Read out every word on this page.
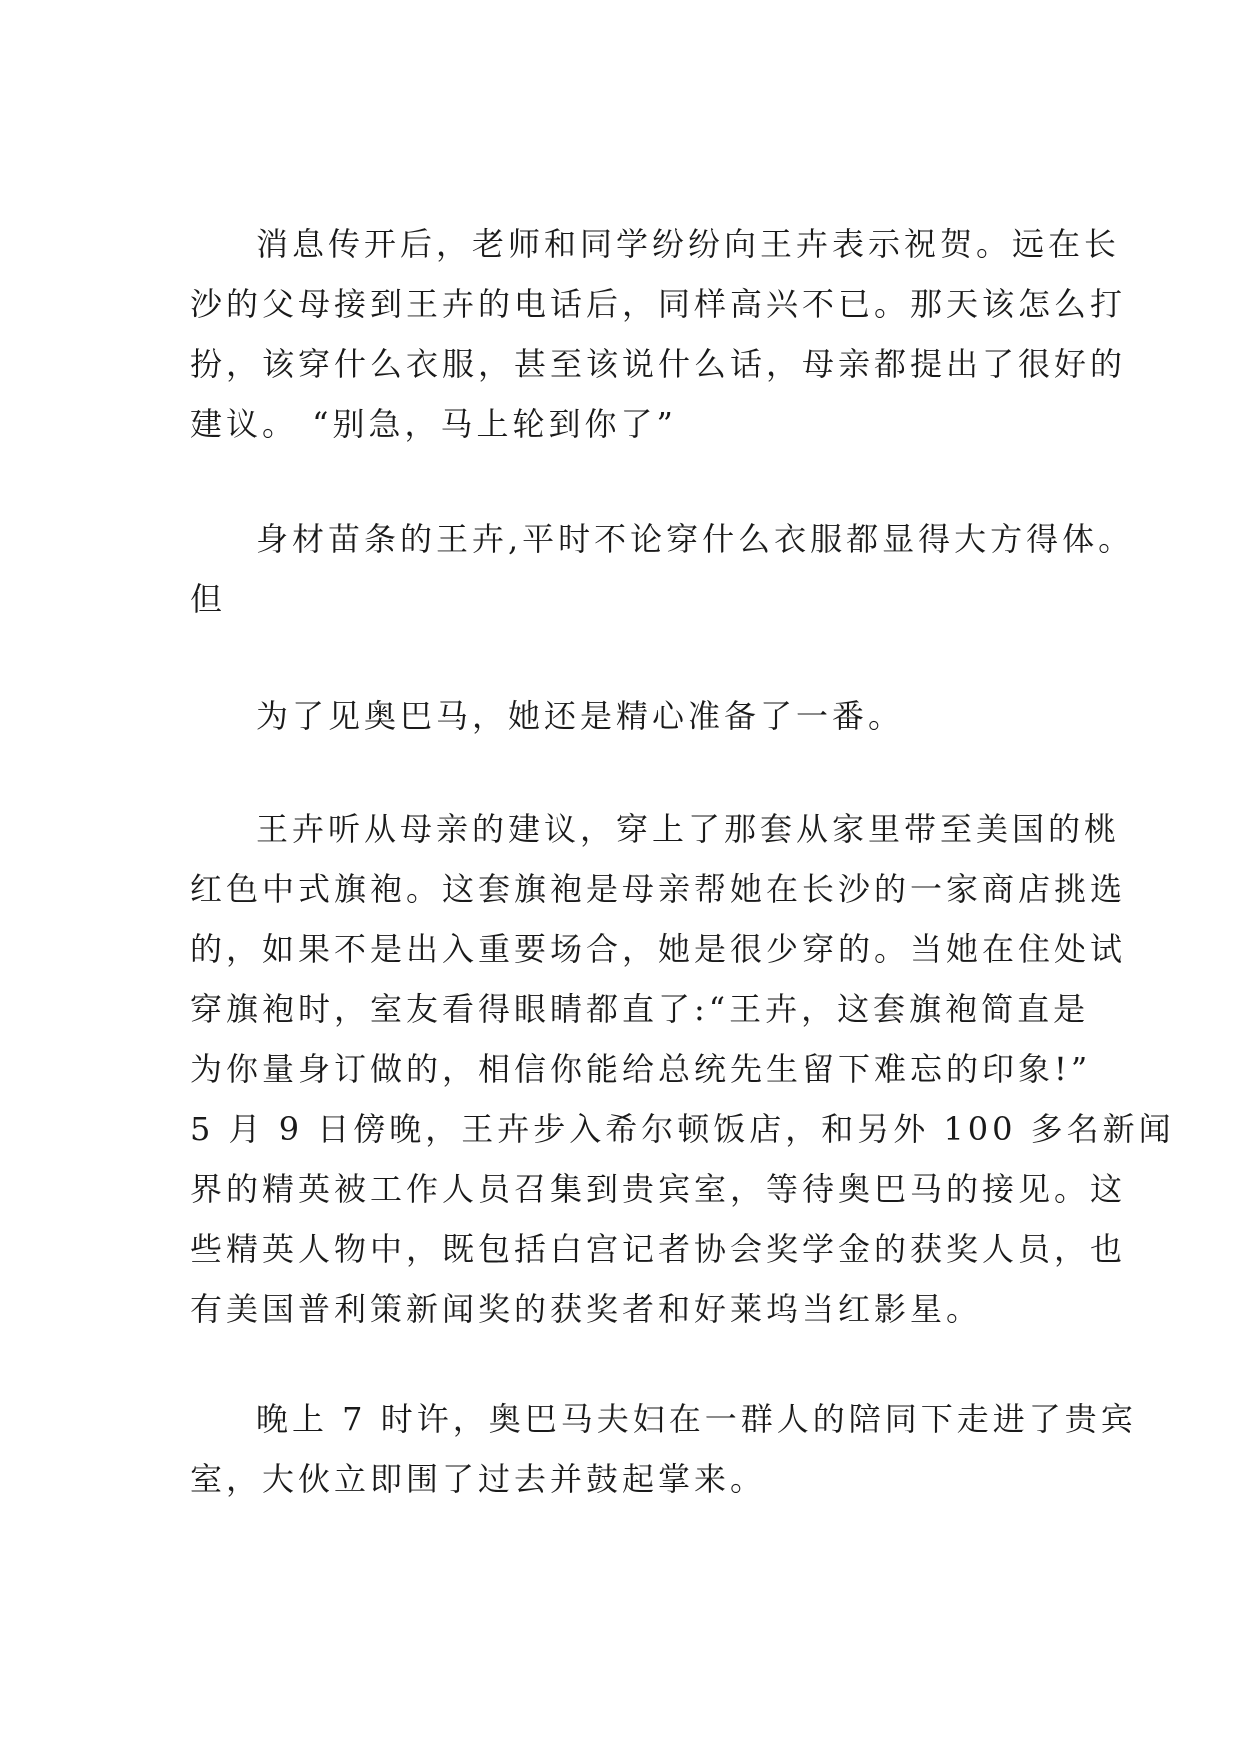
消息传开后，老师和同学纷纷向王卉表示祝贺。远在长
沙的父母接到王卉的电话后，同样高兴不已。那天该怎么打
扮，该穿什么衣服，甚至该说什么话，母亲都提出了很好的
建议。 “别急，马上轮到你了”
身材苗条的王卉,平时不论穿什么衣服都显得大方得体。
但
为了见奥巴马，她还是精心准备了一番。
王卉听从母亲的建议，穿上了那套从家里带至美国的桃
红色中式旗袍。这套旗袍是母亲帮她在长沙的一家商店挑选
的，如果不是出入重要场合，她是很少穿的。当她在住处试
穿旗袍时，室友看得眼睛都直了:“王卉，这套旗袍简直是
为你量身订做的，相信你能给总统先生留下难忘的印象!”
5 月 9 日傍晚，王卉步入希尔顿饭店，和另外 100 多名新闻
界的精英被工作人员召集到贵宾室，等待奥巴马的接见。这
些精英人物中，既包括白宫记者协会奖学金的获奖人员，也
有美国普利策新闻奖的获奖者和好莱坞当红影星。
晚上 7 时许，奥巴马夫妇在一群人的陪同下走进了贵宾
室，大伙立即围了过去并鼓起掌来。
